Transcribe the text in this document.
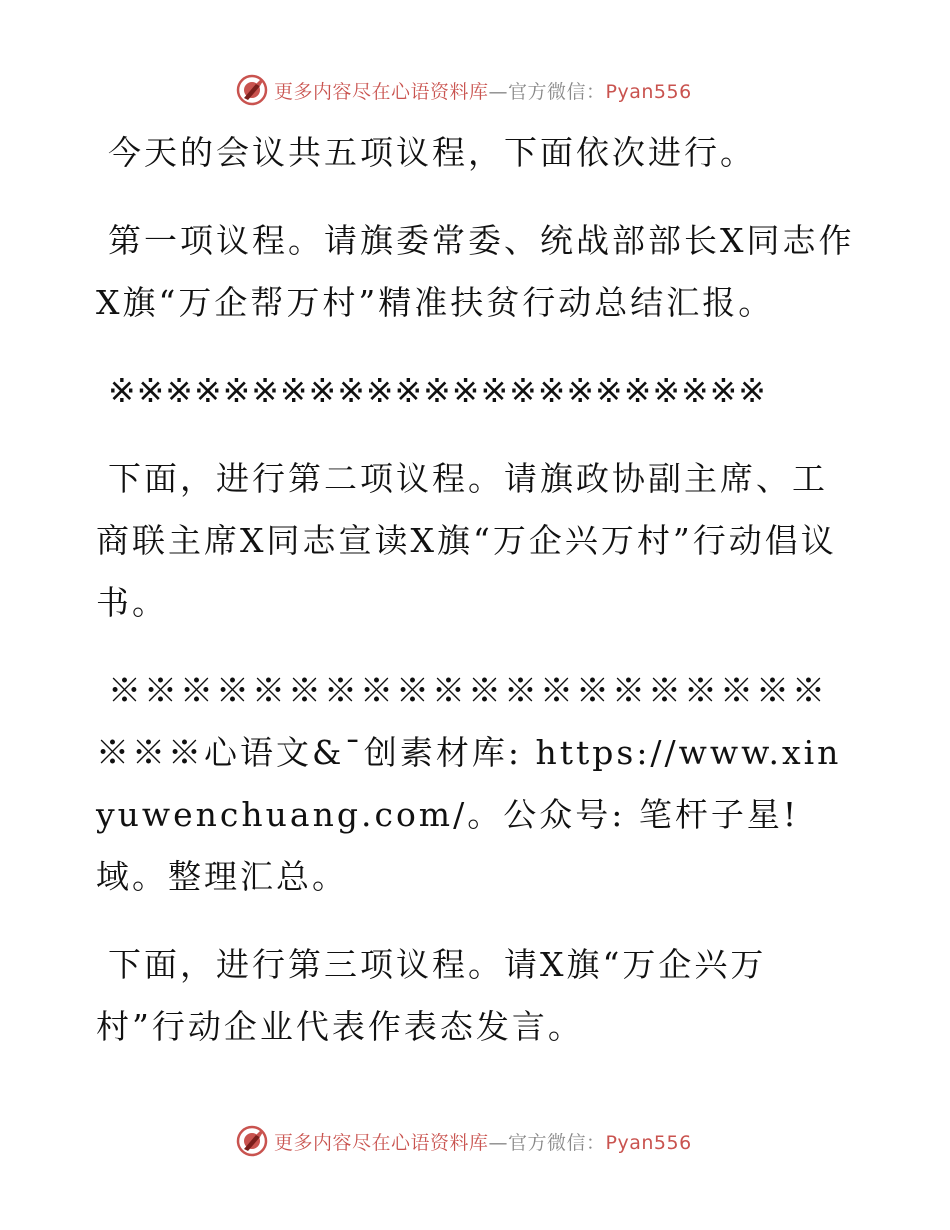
更多内容尽在心语资料库—官方微信：Pyan556

今天的会议共五项议程，下面依次进行。

第一项议程。请旗委常委、统战部部长X同志作X旗“万企帮万村”精准扶贫行动总结汇报。

※※※※※※※※※※※※※※※※※※※※※※※

下面，进行第二项议程。请旗政协副主席、工商联主席X同志宣读X旗“万企兴万村”行动倡议书。

※※※※※※※※※※※※※※※※※※※※※※※心语文&¯创素材库: https://www.xinyuwenchuang.com/。公众号: 笔杆子星!域。整理汇总。

下面，进行第三项议程。请X旗“万企兴万村”行动企业代表作表态发言。

更多内容尽在心语资料库—官方微信：Pyan556
